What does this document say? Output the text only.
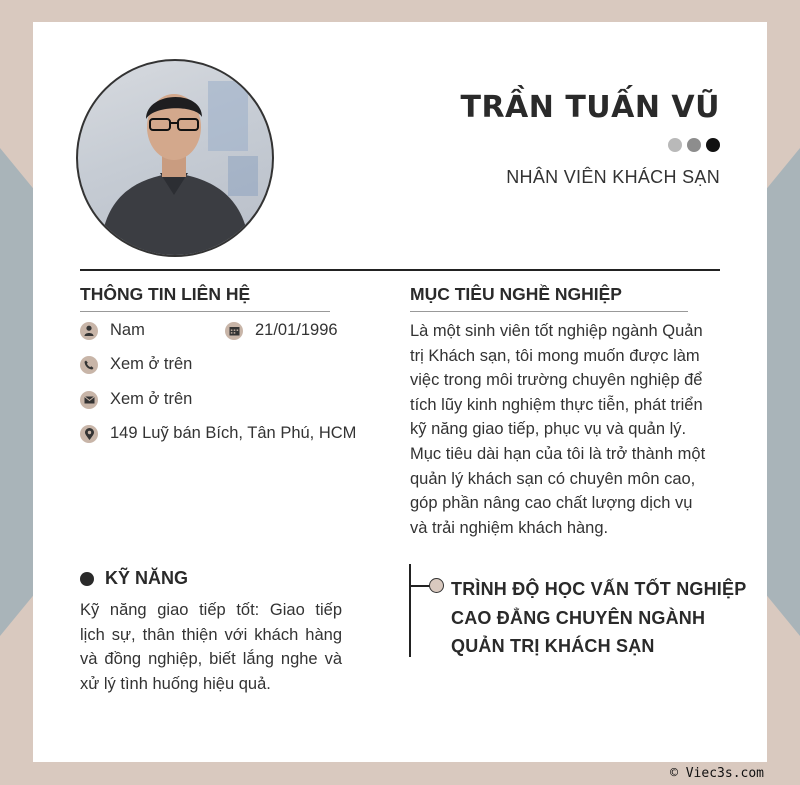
TRẦN TUẤN VŨ
NHÂN VIÊN KHÁCH SẠN
THÔNG TIN LIÊN HỆ
Nam	21/01/1996
Xem ở trên
Xem ở trên
149 Luỹ bán Bích, Tân Phú, HCM
MỤC TIÊU NGHỀ NGHIỆP
Là một sinh viên tốt nghiệp ngành Quản
trị Khách sạn, tôi mong muốn được làm
việc trong môi trường chuyên nghiệp để
tích lũy kinh nghiệm thực tiễn, phát triển
kỹ năng giao tiếp, phục vụ và quản lý.
Mục tiêu dài hạn của tôi là trở thành một
quản lý khách sạn có chuyên môn cao,
góp phần nâng cao chất lượng dịch vụ
và trải nghiệm khách hàng.
KỸ NĂNG
Kỹ năng giao tiếp tốt: Giao tiếp
lịch sự, thân thiện với khách hàng
và đồng nghiệp, biết lắng nghe và
xử lý tình huống hiệu quả.
TRÌNH ĐỘ HỌC VẤN TỐT NGHIỆP
CAO ĐẲNG CHUYÊN NGÀNH
QUẢN TRỊ KHÁCH SẠN
© Viec3s.com
